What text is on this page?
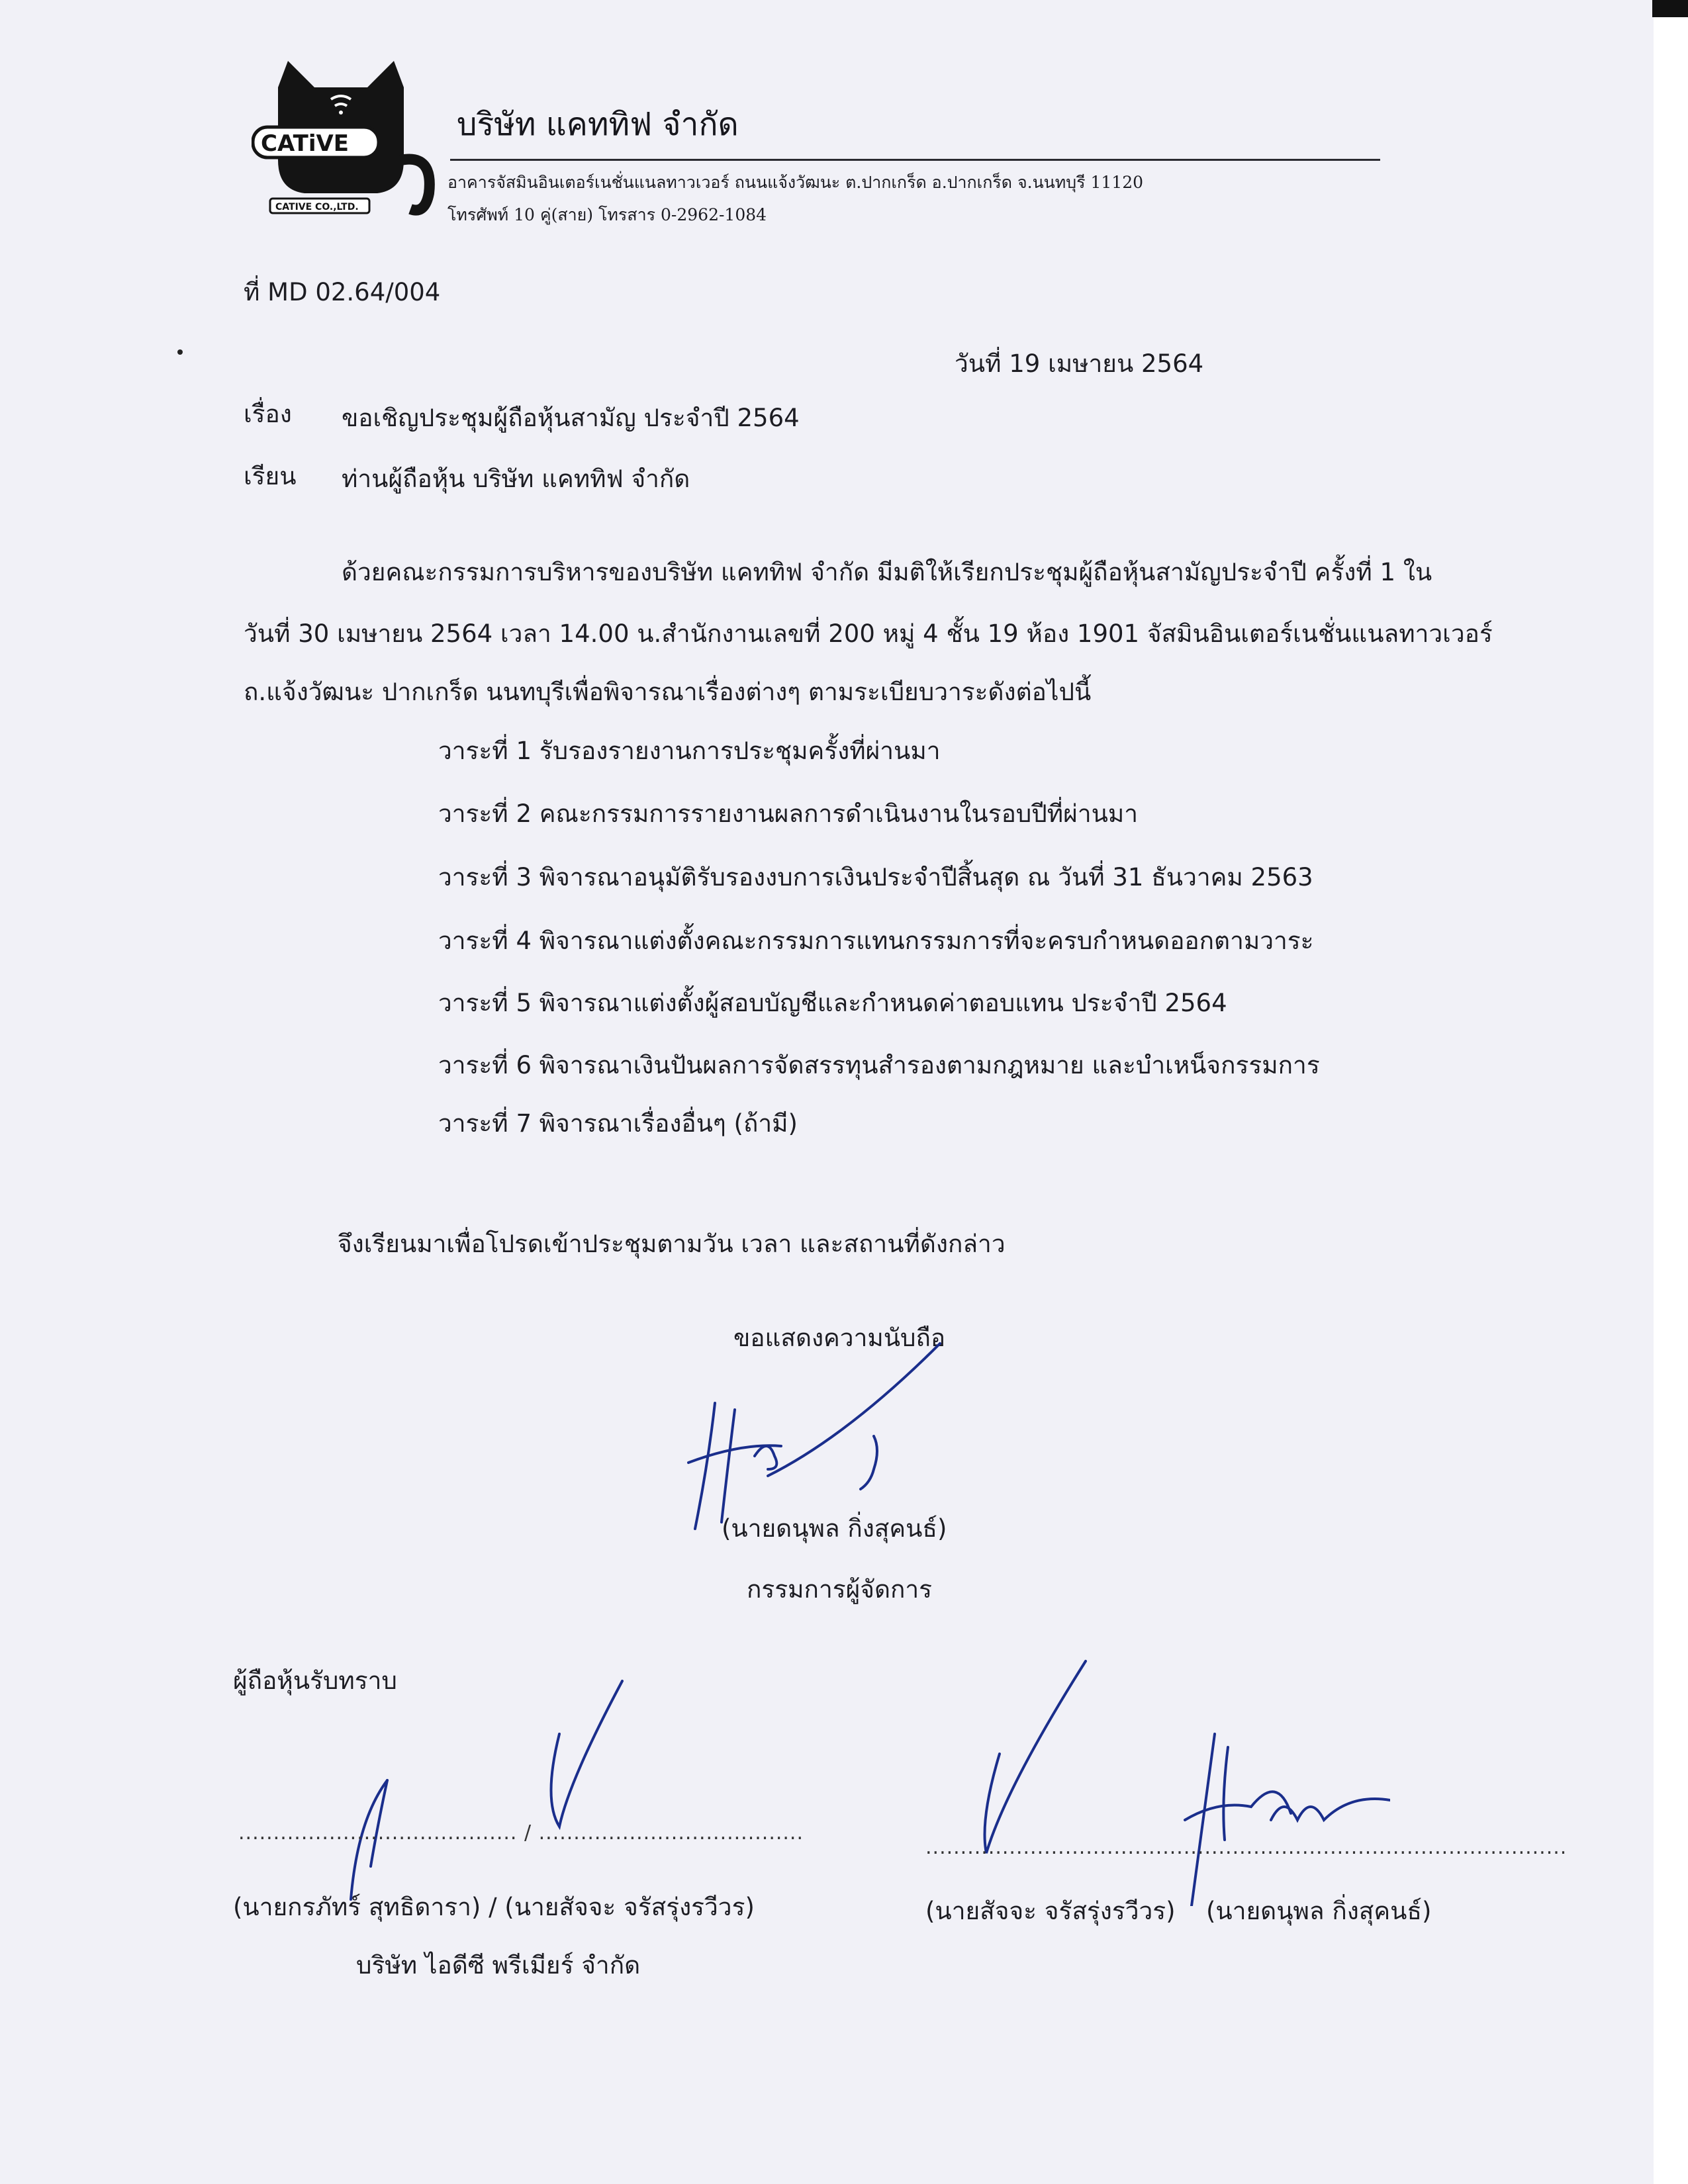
CATiVE
CATIVE CO.,LTD.
บริษัท แคททิฟ จำกัด
อาคารจัสมินอินเตอร์เนชั่นแนลทาวเวอร์ ถนนแจ้งวัฒนะ ต.ปากเกร็ด อ.ปากเกร็ด จ.นนทบุรี 11120
โทรศัพท์ 10 คู่(สาย) โทรสาร 0-2962-1084
ที่ MD 02.64/004
วันที่ 19 เมษายน 2564
เรื่อง ขอเชิญประชุมผู้ถือหุ้นสามัญ ประจำปี 2564
เรียน ท่านผู้ถือหุ้น บริษัท แคททิฟ จำกัด
ด้วยคณะกรรมการบริหารของบริษัท แคททิฟ จำกัด มีมติให้เรียกประชุมผู้ถือหุ้นสามัญประจำปี ครั้งที่ 1 ใน
วันที่ 30 เมษายน 2564 เวลา 14.00 น.สำนักงานเลขที่ 200 หมู่ 4 ชั้น 19 ห้อง 1901 จัสมินอินเตอร์เนชั่นแนลทาวเวอร์
ถ.แจ้งวัฒนะ ปากเกร็ด นนทบุรีเพื่อพิจารณาเรื่องต่างๆ ตามระเบียบวาระดังต่อไปนี้
วาระที่ 1 รับรองรายงานการประชุมครั้งที่ผ่านมา
วาระที่ 2 คณะกรรมการรายงานผลการดำเนินงานในรอบปีที่ผ่านมา
วาระที่ 3 พิจารณาอนุมัติรับรองงบการเงินประจำปีสิ้นสุด ณ วันที่ 31 ธันวาคม 2563
วาระที่ 4 พิจารณาแต่งตั้งคณะกรรมการแทนกรรมการที่จะครบกำหนดออกตามวาระ
วาระที่ 5 พิจารณาแต่งตั้งผู้สอบบัญชีและกำหนดค่าตอบแทน ประจำปี 2564
วาระที่ 6 พิจารณาเงินปันผลการจัดสรรทุนสำรองตามกฎหมาย และบำเหน็จกรรมการ
วาระที่ 7 พิจารณาเรื่องอื่นๆ (ถ้ามี)
จึงเรียนมาเพื่อโปรดเข้าประชุมตามวัน เวลา และสถานที่ดังกล่าว
ขอแสดงความนับถือ
(นายดนุพล กิ่งสุคนธ์)
กรรมการผู้จัดการ
ผู้ถือหุ้นรับทราบ
........................................ / ......................................
(นายกรภัทร์ สุทธิดารา) / (นายสัจจะ จรัสรุ่งรวีวร)
บริษัท ไอดีซี พรีเมียร์ จำกัด
............................................................................................
(นายสัจจะ จรัสรุ่งรวีวร) (นายดนุพล กิ่งสุคนธ์)
